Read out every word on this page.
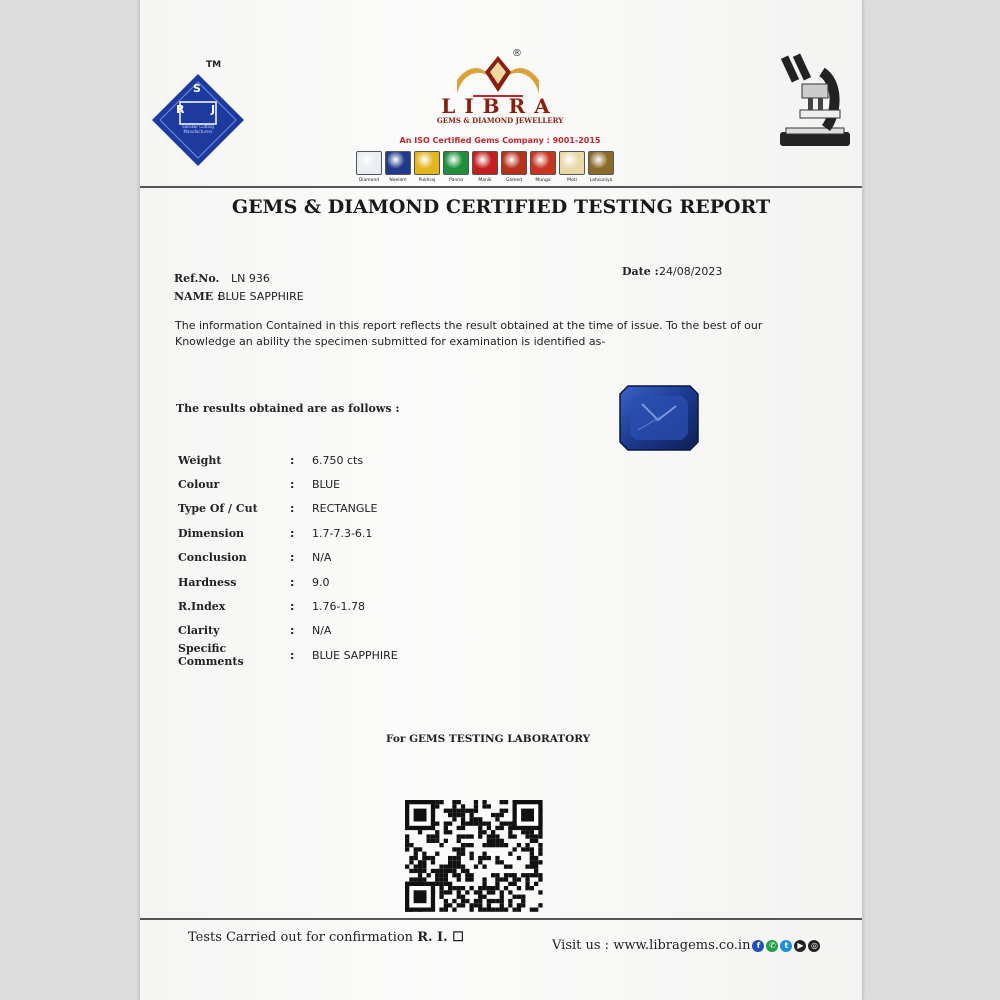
S
R J
Sanskar Cutting Manufacturers
TM
®
LIBRA
GEMS & DIAMOND JEWELLERY
An ISO Certified Gems Company : 9001-2015
Diamond	Neelam	Pukhraj	Panna	Manik	Gomed	Munga	Moti	Lahsuniya
GEMS & DIAMOND CERTIFIED TESTING REPORT
Ref.No. LN 936
NAME :
BLUE SAPPHIRE
Date : 24/08/2023
The information Contained in this report reflects the result obtained at the time of issue. To the best of our
Knowledge an ability the specimen submitted for examination is identified as-
The results obtained are as follows :
Weight	:	6.750 cts
Colour	:	BLUE
Type Of / Cut	:	RECTANGLE
Dimension	:	1.7-7.3-6.1
Conclusion	:	N/A
Hardness	:	9.0
R.Index	:	1.76-1.78
Clarity	:	N/A
Specific Comments
:	BLUE SAPPHIRE
For GEMS TESTING LABORATORY
Tests Carried out for confirmation R. I. ☐
Visit us : www.libragems.co.in f	✆	t	▶ ◎
